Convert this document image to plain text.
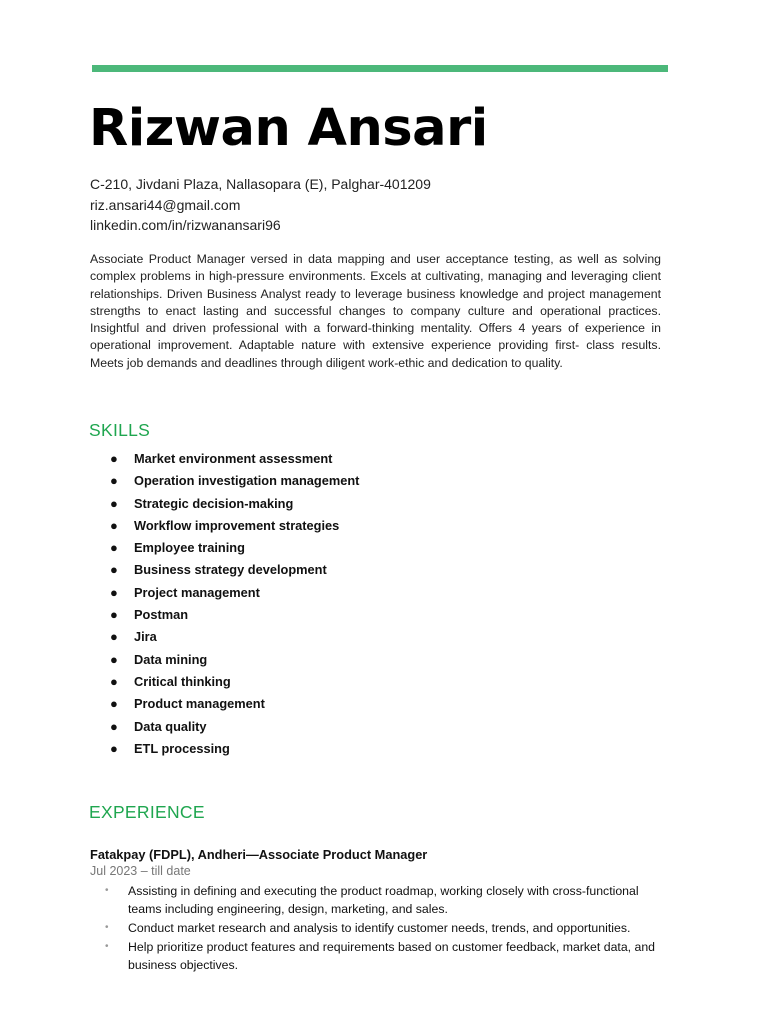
Rizwan Ansari
C-210, Jivdani Plaza, Nallasopara (E), Palghar-401209
riz.ansari44@gmail.com
linkedin.com/in/rizwanansari96

Associate Product Manager versed in data mapping and user acceptance testing, as well as solving complex problems in high-pressure environments. Excels at cultivating, managing and leveraging client relationships. Driven Business Analyst ready to leverage business knowledge and project management strengths to enact lasting and successful changes to company culture and operational practices. Insightful and driven professional with a forward-thinking mentality. Offers 4 years of experience in operational improvement. Adaptable nature with extensive experience providing first- class results. Meets job demands and deadlines through diligent work-ethic and dedication to quality.

SKILLS
● Market environment assessment
● Operation investigation management
● Strategic decision-making
● Workflow improvement strategies
● Employee training
● Business strategy development
● Project management
● Postman
● Jira
● Data mining
● Critical thinking
● Product management
● Data quality
● ETL processing
EXPERIENCE

Fatakpay (FDPL), Andheri—Associate Product Manager

Jul 2023 – till date

• Assisting in defining and executing the product roadmap, working closely with cross-functional teams including engineering, design, marketing, and sales.
• Conduct market research and analysis to identify customer needs, trends, and opportunities.
• Help prioritize product features and requirements based on customer feedback, market data, and business objectives.
